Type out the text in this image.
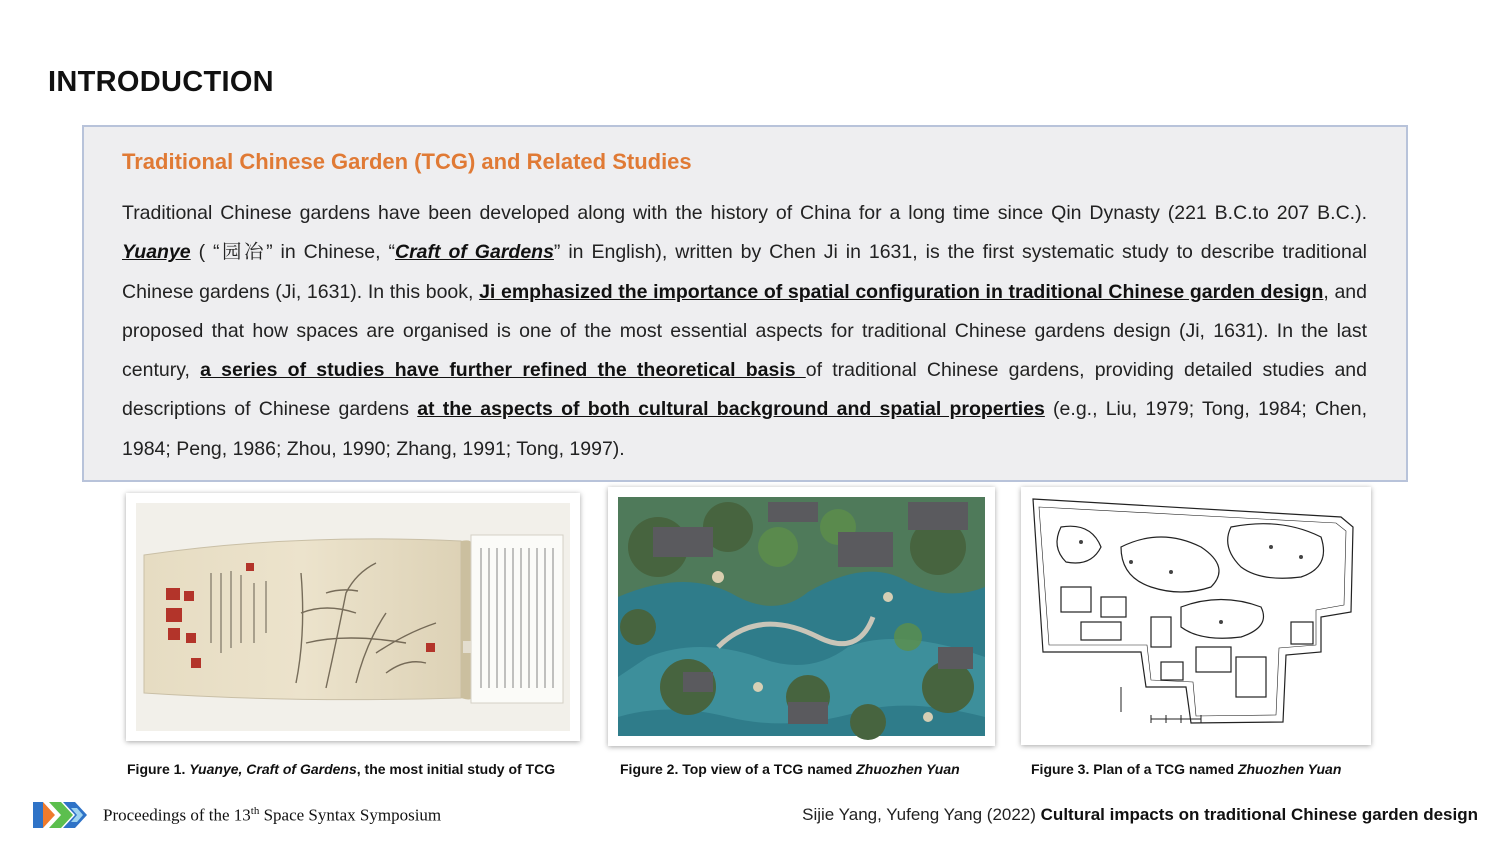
INTRODUCTION
Traditional Chinese Garden (TCG) and Related Studies
Traditional Chinese gardens have been developed along with the history of China for a long time since Qin Dynasty (221 B.C.to 207 B.C.). Yuanye ( “园冶” in Chinese, “Craft of Gardens” in English), written by Chen Ji in 1631, is the first systematic study to describe traditional Chinese gardens (Ji, 1631). In this book, Ji emphasized the importance of spatial configuration in traditional Chinese garden design, and proposed that how spaces are organised is one of the most essential aspects for traditional Chinese gardens design (Ji, 1631). In the last century, a series of studies have further refined the theoretical basis of traditional Chinese gardens, providing detailed studies and descriptions of Chinese gardens at the aspects of both cultural background and spatial properties (e.g., Liu, 1979; Tong, 1984; Chen, 1984; Peng, 1986; Zhou, 1990; Zhang, 1991; Tong, 1997).
Figure 1. Yuanye, Craft of Gardens, the most initial study of TCG	Figure 2. Top view of a TCG named Zhuozhen Yuan	Figure 3. Plan of a TCG named Zhuozhen Yuan
Proceedings of the 13th Space Syntax Symposium	Sijie Yang, Yufeng Yang (2022) Cultural impacts on traditional Chinese garden design
